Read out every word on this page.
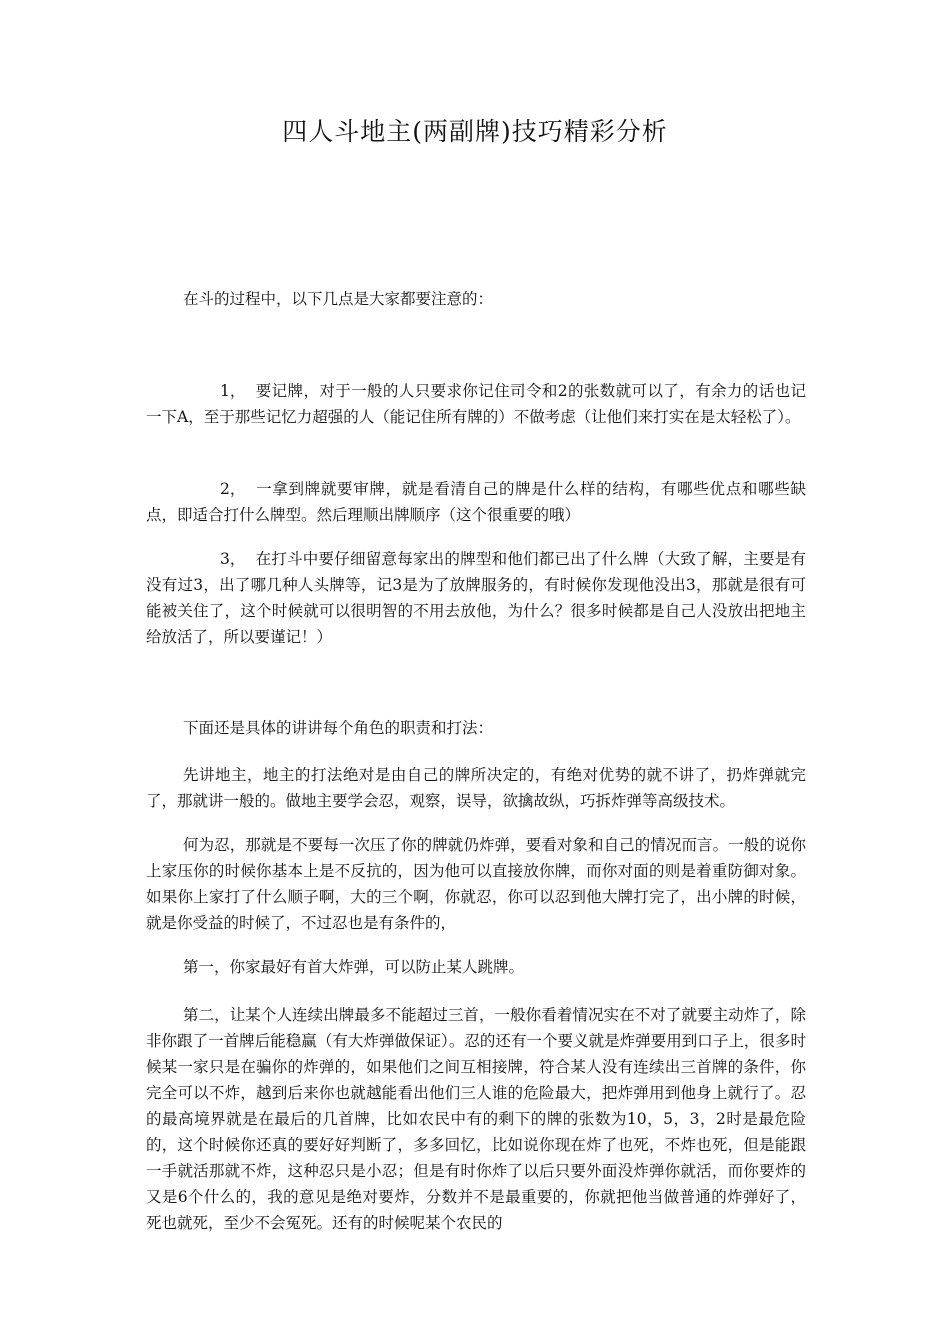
四人斗地主(两副牌)技巧精彩分析

在斗的过程中，以下几点是大家都要注意的：

1， 要记牌，对于一般的人只要求你记住司令和2的张数就可以了，有余力的话也记一下A，至于那些记忆力超强的人（能记住所有牌的）不做考虑（让他们来打实在是太轻松了）。

2， 一拿到牌就要审牌，就是看清自己的牌是什么样的结构，有哪些优点和哪些缺点，即适合打什么牌型。然后理顺出牌顺序（这个很重要的哦）

3， 在打斗中要仔细留意每家出的牌型和他们都已出了什么牌（大致了解，主要是有没有过3，出了哪几种人头牌等，记3是为了放牌服务的，有时候你发现他没出3，那就是很有可能被关住了，这个时候就可以很明智的不用去放他，为什么？很多时候都是自己人没放出把地主给放活了，所以要谨记！）

下面还是具体的讲讲每个角色的职责和打法：

先讲地主，地主的打法绝对是由自己的牌所决定的，有绝对优势的就不讲了，扔炸弹就完了，那就讲一般的。做地主要学会忍，观察，误导，欲擒故纵，巧拆炸弹等高级技术。

何为忍，那就是不要每一次压了你的牌就仍炸弹，要看对象和自己的情况而言。一般的说你上家压你的时候你基本上是不反抗的，因为他可以直接放你牌，而你对面的则是着重防御对象。如果你上家打了什么顺子啊，大的三个啊，你就忍，你可以忍到他大牌打完了，出小牌的时候，就是你受益的时候了，不过忍也是有条件的，

第一，你家最好有首大炸弹，可以防止某人跳牌。

第二，让某个人连续出牌最多不能超过三首，一般你看着情况实在不对了就要主动炸了，除非你跟了一首牌后能稳赢（有大炸弹做保证）。忍的还有一个要义就是炸弹要用到口子上，很多时候某一家只是在骗你的炸弹的，如果他们之间互相接牌，符合某人没有连续出三首牌的条件，你完全可以不炸，越到后来你也就越能看出他们三人谁的危险最大，把炸弹用到他身上就行了。忍的最高境界就是在最后的几首牌，比如农民中有的剩下的牌的张数为10，5，3，2时是最危险的，这个时候你还真的要好好判断了，多多回忆，比如说你现在炸了也死，不炸也死，但是能跟一手就活那就不炸，这种忍只是小忍；但是有时你炸了以后只要外面没炸弹你就活，而你要炸的又是6个什么的，我的意见是绝对要炸，分数并不是最重要的，你就把他当做普通的炸弹好了，死也就死，至少不会冤死。还有的时候呢某个农民的
